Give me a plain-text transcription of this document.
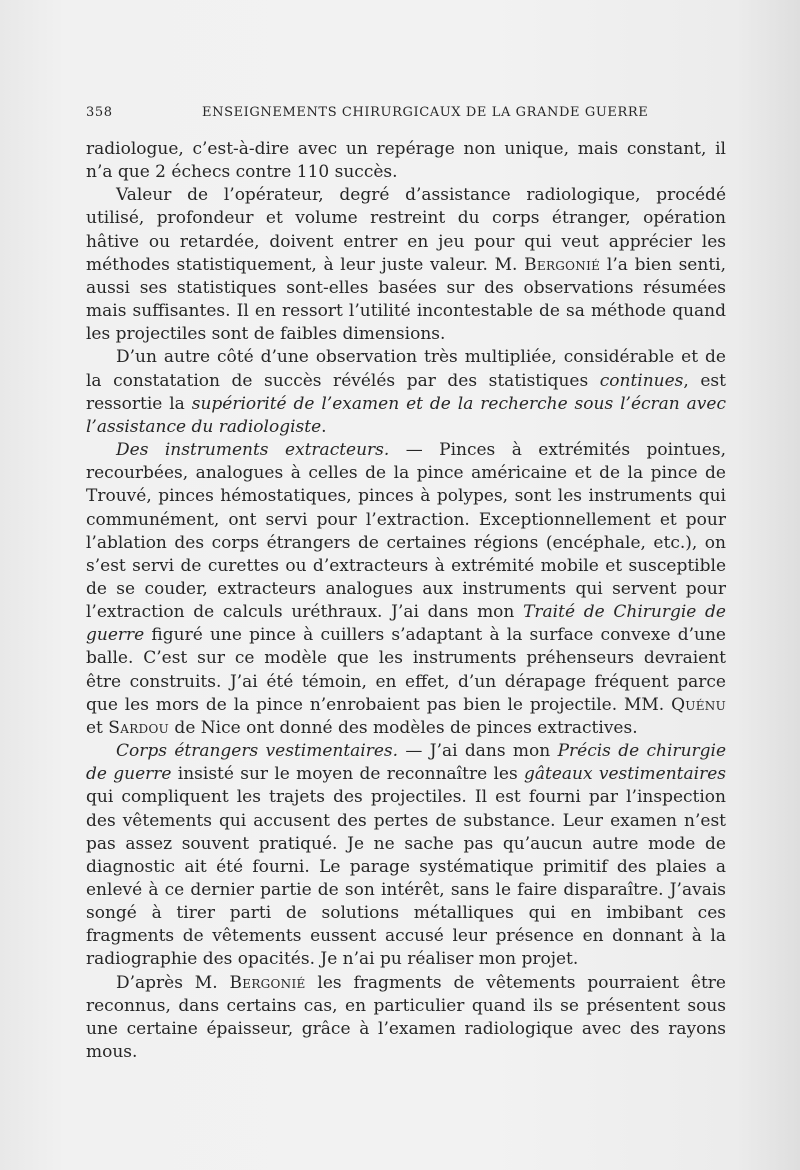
358	ENSEIGNEMENTS CHIRURGICAUX DE LA GRANDE GUERRE

radiologue, c’est-à-dire avec un repérage non unique, mais constant, il n’a que 2 échecs contre 110 succès.

Valeur de l’opérateur, degré d’assistance radiologique, procédé utilisé, profondeur et volume restreint du corps étranger, opération hâtive ou retardée, doivent entrer en jeu pour qui veut apprécier les méthodes statistiquement, à leur juste valeur. M. Bergonié l’a bien senti, aussi ses statistiques sont-elles basées sur des observations résumées mais suffisantes. Il en ressort l’utilité incontestable de sa méthode quand les projectiles sont de faibles dimensions.

D’un autre côté d’une observation très multipliée, considérable et de la constatation de succès révélés par des statistiques continues, est ressortie la supériorité de l’examen et de la recherche sous l’écran avec l’assistance du radiologiste.

Des instruments extracteurs. — Pinces à extrémités pointues, recourbées, analogues à celles de la pince américaine et de la pince de Trouvé, pinces hémostatiques, pinces à polypes, sont les instruments qui communément, ont servi pour l’extraction. Exceptionnellement et pour l’ablation des corps étrangers de certaines régions (encéphale, etc.), on s’est servi de curettes ou d’extracteurs à extrémité mobile et susceptible de se couder, extracteurs analogues aux instruments qui servent pour l’extraction de calculs uréthraux. J’ai dans mon Traité de Chirurgie de guerre figuré une pince à cuillers s’adaptant à la surface convexe d’une balle. C’est sur ce modèle que les instruments préhenseurs devraient être construits. J’ai été témoin, en effet, d’un dérapage fréquent parce que les mors de la pince n’enrobaient pas bien le projectile. MM. Quénu et Sardou de Nice ont donné des modèles de pinces extractives.

Corps étrangers vestimentaires. — J’ai dans mon Précis de chirurgie de guerre insisté sur le moyen de reconnaître les gâteaux vestimentaires qui compliquent les trajets des projectiles. Il est fourni par l’inspection des vêtements qui accusent des pertes de substance. Leur examen n’est pas assez souvent pratiqué. Je ne sache pas qu’aucun autre mode de diagnostic ait été fourni. Le parage systématique primitif des plaies a enlevé à ce dernier partie de son intérêt, sans le faire disparaître. J’avais songé à tirer parti de solutions métalliques qui en imbibant ces fragments de vêtements eussent accusé leur présence en donnant à la radiographie des opacités. Je n’ai pu réaliser mon projet.

D’après M. Bergonié les fragments de vêtements pourraient être reconnus, dans certains cas, en particulier quand ils se présentent sous une certaine épaisseur, grâce à l’examen radiologique avec des rayons mous.
